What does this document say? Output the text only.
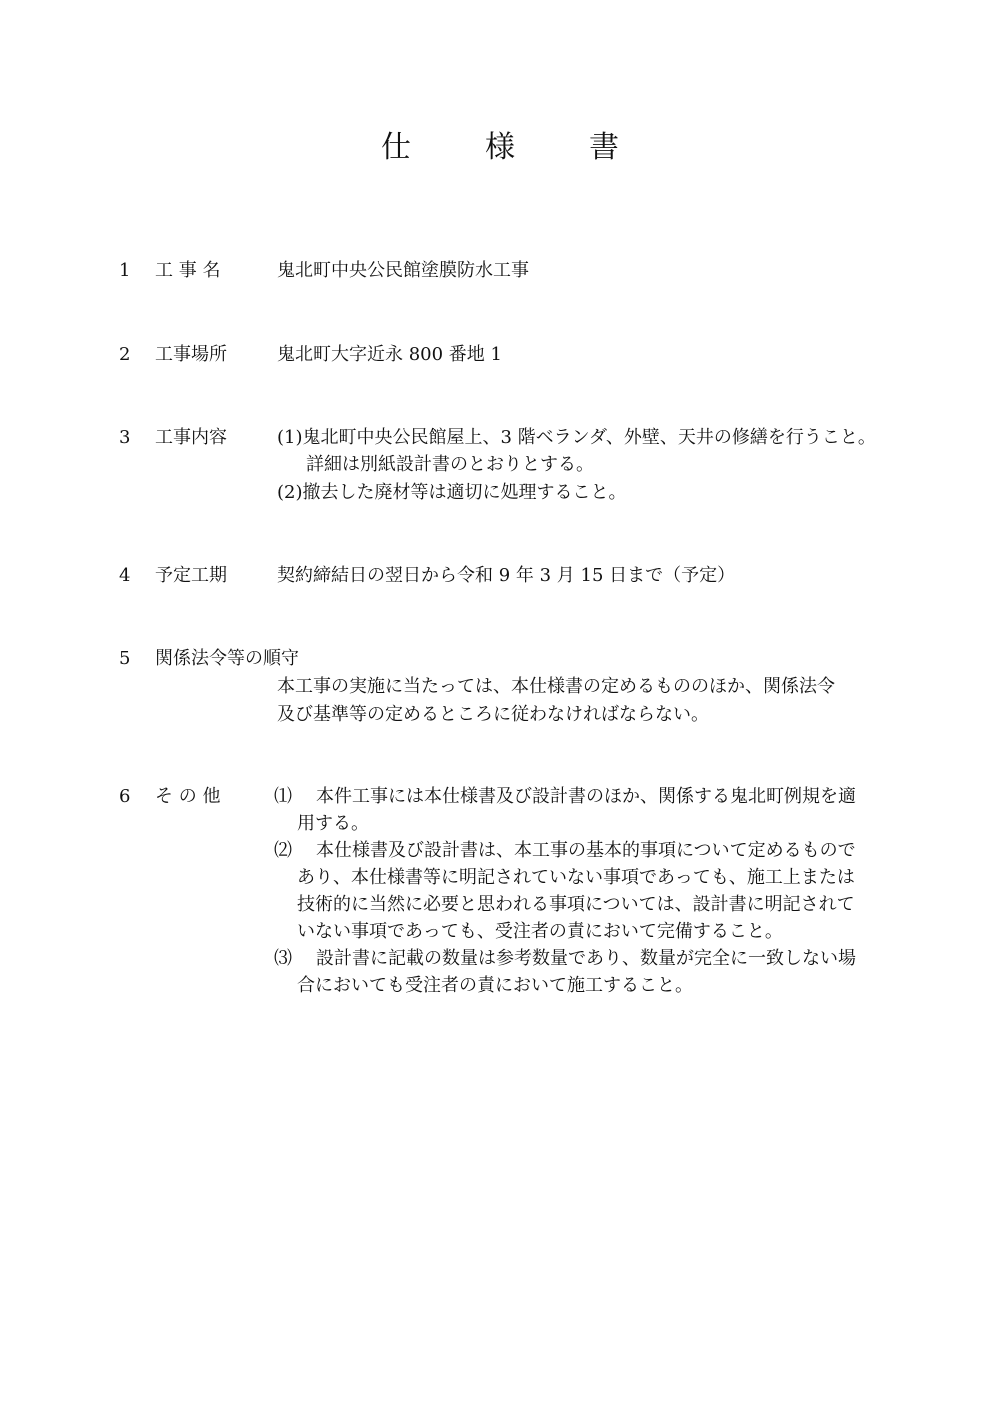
仕 様 書
1	工 事 名	鬼北町中央公民館塗膜防水工事
2	工事場所	鬼北町大字近永 800 番地 1
3	工事内容	(1)鬼北町中央公民館屋上、3 階ベランダ、外壁、天井の修繕を行うこと。
詳細は別紙設計書のとおりとする。
(2)撤去した廃材等は適切に処理すること。
4	予定工期	契約締結日の翌日から令和 9 年 3 月 15 日まで（予定）
5	関係法令等の順守
本工事の実施に当たっては、本仕様書の定めるもののほか、関係法令
及び基準等の定めるところに従わなければならない。
6	そ の 他	⑴ 本件工事には本仕様書及び設計書のほか、関係する鬼北町例規を適
用する。
⑵ 本仕様書及び設計書は、本工事の基本的事項について定めるもので
あり、本仕様書等に明記されていない事項であっても、施工上または
技術的に当然に必要と思われる事項については、設計書に明記されて
いない事項であっても、受注者の責において完備すること。
⑶ 設計書に記載の数量は参考数量であり、数量が完全に一致しない場
合においても受注者の責において施工すること。
